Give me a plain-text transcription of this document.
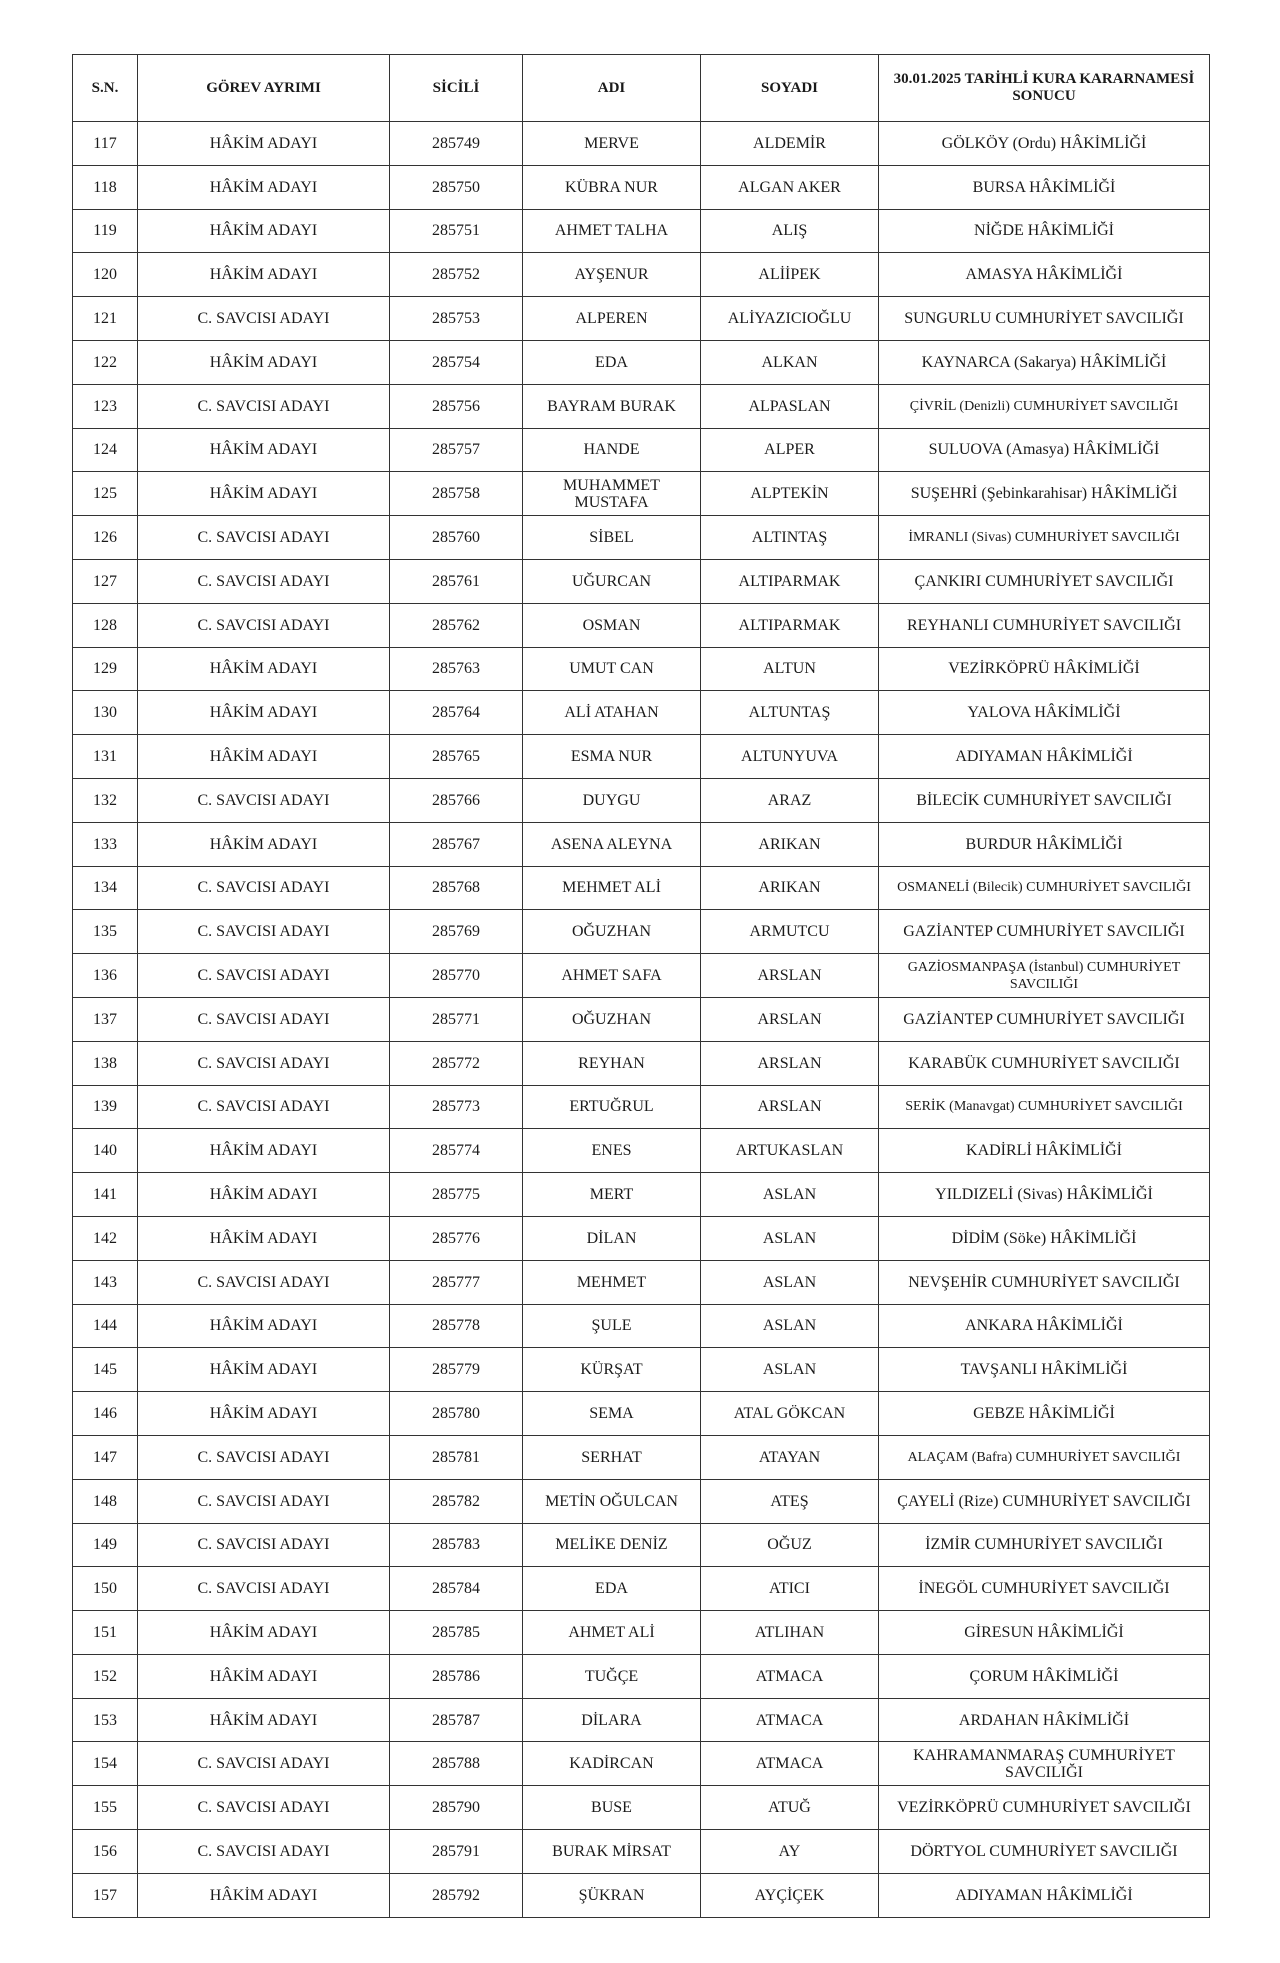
S.N.	GÖREV AYRIMI	SİCİLİ	ADI	SOYADI	30.01.2025 TARİHLİ KURA KARARNAMESİ SONUCU
117	HÂKİM ADAYI	285749	MERVE	ALDEMİR	GÖLKÖY (Ordu) HÂKİMLİĞİ
118	HÂKİM ADAYI	285750	KÜBRA NUR	ALGAN AKER	BURSA HÂKİMLİĞİ
119	HÂKİM ADAYI	285751	AHMET TALHA	ALIŞ	NİĞDE HÂKİMLİĞİ
120	HÂKİM ADAYI	285752	AYŞENUR	ALİİPEK	AMASYA HÂKİMLİĞİ
121	C. SAVCISI ADAYI	285753	ALPEREN	ALİYAZICIOĞLU	SUNGURLU CUMHURİYET SAVCILIĞI
122	HÂKİM ADAYI	285754	EDA	ALKAN	KAYNARCA (Sakarya) HÂKİMLİĞİ
123	C. SAVCISI ADAYI	285756	BAYRAM BURAK	ALPASLAN	ÇİVRİL (Denizli) CUMHURİYET SAVCILIĞI
124	HÂKİM ADAYI	285757	HANDE	ALPER	SULUOVA (Amasya) HÂKİMLİĞİ
125	HÂKİM ADAYI	285758	MUHAMMET MUSTAFA	ALPTEKİN	SUŞEHRİ (Şebinkarahisar) HÂKİMLİĞİ
126	C. SAVCISI ADAYI	285760	SİBEL	ALTINTAŞ	İMRANLI (Sivas) CUMHURİYET SAVCILIĞI
127	C. SAVCISI ADAYI	285761	UĞURCAN	ALTIPARMAK	ÇANKIRI CUMHURİYET SAVCILIĞI
128	C. SAVCISI ADAYI	285762	OSMAN	ALTIPARMAK	REYHANLI CUMHURİYET SAVCILIĞI
129	HÂKİM ADAYI	285763	UMUT CAN	ALTUN	VEZİRKÖPRÜ HÂKİMLİĞİ
130	HÂKİM ADAYI	285764	ALİ ATAHAN	ALTUNTAŞ	YALOVA HÂKİMLİĞİ
131	HÂKİM ADAYI	285765	ESMA NUR	ALTUNYUVA	ADIYAMAN HÂKİMLİĞİ
132	C. SAVCISI ADAYI	285766	DUYGU	ARAZ	BİLECİK CUMHURİYET SAVCILIĞI
133	HÂKİM ADAYI	285767	ASENA ALEYNA	ARIKAN	BURDUR HÂKİMLİĞİ
134	C. SAVCISI ADAYI	285768	MEHMET ALİ	ARIKAN	OSMANELİ (Bilecik) CUMHURİYET SAVCILIĞI
135	C. SAVCISI ADAYI	285769	OĞUZHAN	ARMUTCU	GAZİANTEP CUMHURİYET SAVCILIĞI
136	C. SAVCISI ADAYI	285770	AHMET SAFA	ARSLAN	GAZİOSMANPAŞA (İstanbul) CUMHURİYET SAVCILIĞI
137	C. SAVCISI ADAYI	285771	OĞUZHAN	ARSLAN	GAZİANTEP CUMHURİYET SAVCILIĞI
138	C. SAVCISI ADAYI	285772	REYHAN	ARSLAN	KARABÜK CUMHURİYET SAVCILIĞI
139	C. SAVCISI ADAYI	285773	ERTUĞRUL	ARSLAN	SERİK (Manavgat) CUMHURİYET SAVCILIĞI
140	HÂKİM ADAYI	285774	ENES	ARTUKASLAN	KADİRLİ HÂKİMLİĞİ
141	HÂKİM ADAYI	285775	MERT	ASLAN	YILDIZELİ (Sivas) HÂKİMLİĞİ
142	HÂKİM ADAYI	285776	DİLAN	ASLAN	DİDİM (Söke) HÂKİMLİĞİ
143	C. SAVCISI ADAYI	285777	MEHMET	ASLAN	NEVŞEHİR CUMHURİYET SAVCILIĞI
144	HÂKİM ADAYI	285778	ŞULE	ASLAN	ANKARA HÂKİMLİĞİ
145	HÂKİM ADAYI	285779	KÜRŞAT	ASLAN	TAVŞANLI HÂKİMLİĞİ
146	HÂKİM ADAYI	285780	SEMA	ATAL GÖKCAN	GEBZE HÂKİMLİĞİ
147	C. SAVCISI ADAYI	285781	SERHAT	ATAYAN	ALAÇAM (Bafra) CUMHURİYET SAVCILIĞI
148	C. SAVCISI ADAYI	285782	METİN OĞULCAN	ATEŞ	ÇAYELİ (Rize) CUMHURİYET SAVCILIĞI
149	C. SAVCISI ADAYI	285783	MELİKE DENİZ	OĞUZ	İZMİR CUMHURİYET SAVCILIĞI
150	C. SAVCISI ADAYI	285784	EDA	ATICI	İNEGÖL CUMHURİYET SAVCILIĞI
151	HÂKİM ADAYI	285785	AHMET ALİ	ATLIHAN	GİRESUN HÂKİMLİĞİ
152	HÂKİM ADAYI	285786	TUĞÇE	ATMACA	ÇORUM HÂKİMLİĞİ
153	HÂKİM ADAYI	285787	DİLARA	ATMACA	ARDAHAN HÂKİMLİĞİ
154	C. SAVCISI ADAYI	285788	KADİRCAN	ATMACA	KAHRAMANMARAŞ CUMHURİYET SAVCILIĞI
155	C. SAVCISI ADAYI	285790	BUSE	ATUĞ	VEZİRKÖPRÜ CUMHURİYET SAVCILIĞI
156	C. SAVCISI ADAYI	285791	BURAK MİRSAT	AY	DÖRTYOL CUMHURİYET SAVCILIĞI
157	HÂKİM ADAYI	285792	ŞÜKRAN	AYÇİÇEK	ADIYAMAN HÂKİMLİĞİ
